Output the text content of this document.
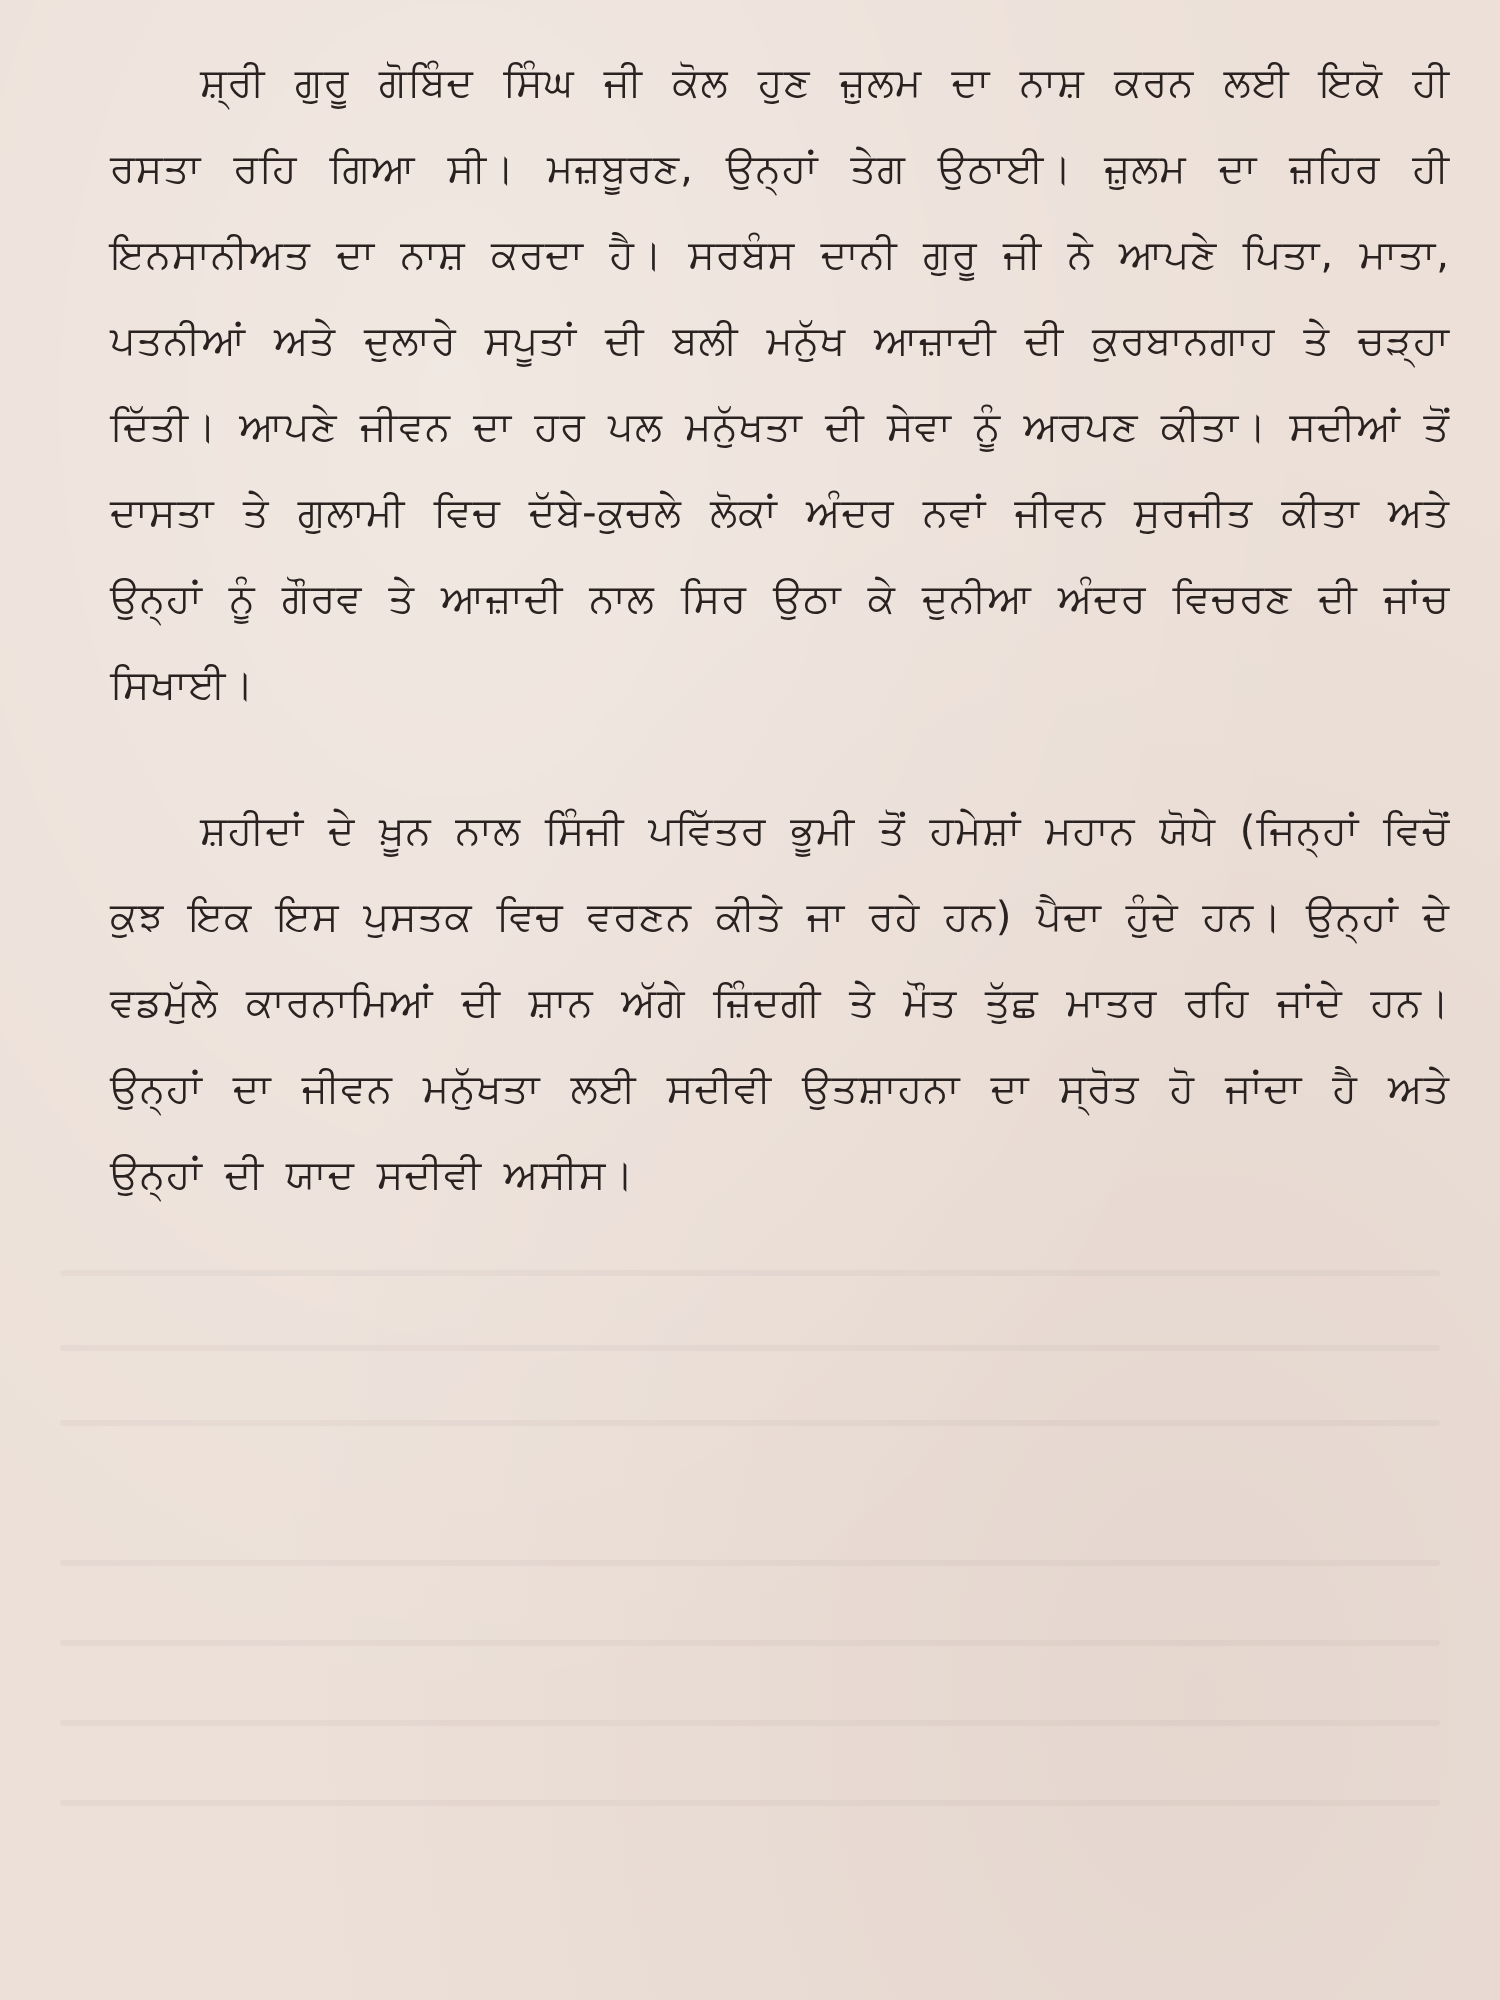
ਸ਼੍ਰੀ ਗੁਰੂ ਗੋਬਿੰਦ ਸਿੰਘ ਜੀ ਕੋਲ ਹੁਣ ਜ਼ੁਲਮ ਦਾ ਨਾਸ਼ ਕਰਨ ਲਈ ਇਕੋ ਹੀ ਰਸਤਾ ਰਹਿ ਗਿਆ ਸੀ। ਮਜ਼ਬੂਰਣ, ਉਨ੍ਹਾਂ ਤੇਗ ਉਠਾਈ। ਜ਼ੁਲਮ ਦਾ ਜ਼ਹਿਰ ਹੀ ਇਨਸਾਨੀਅਤ ਦਾ ਨਾਸ਼ ਕਰਦਾ ਹੈ। ਸਰਬੰਸ ਦਾਨੀ ਗੁਰੂ ਜੀ ਨੇ ਆਪਣੇ ਪਿਤਾ, ਮਾਤਾ, ਪਤਨੀਆਂ ਅਤੇ ਦੁਲਾਰੇ ਸਪੂਤਾਂ ਦੀ ਬਲੀ ਮਨੁੱਖ ਆਜ਼ਾਦੀ ਦੀ ਕੁਰਬਾਨਗਾਹ ਤੇ ਚੜ੍ਹਾ ਦਿੱਤੀ। ਆਪਣੇ ਜੀਵਨ ਦਾ ਹਰ ਪਲ ਮਨੁੱਖਤਾ ਦੀ ਸੇਵਾ ਨੂੰ ਅਰਪਣ ਕੀਤਾ। ਸਦੀਆਂ ਤੋਂ ਦਾਸਤਾ ਤੇ ਗੁਲਾਮੀ ਵਿਚ ਦੱਬੇ-ਕੁਚਲੇ ਲੋਕਾਂ ਅੰਦਰ ਨਵਾਂ ਜੀਵਨ ਸੁਰਜੀਤ ਕੀਤਾ ਅਤੇ ਉਨ੍ਹਾਂ ਨੂੰ ਗੌਰਵ ਤੇ ਆਜ਼ਾਦੀ ਨਾਲ ਸਿਰ ਉਠਾ ਕੇ ਦੁਨੀਆ ਅੰਦਰ ਵਿਚਰਣ ਦੀ ਜਾਂਚ ਸਿਖਾਈ।

ਸ਼ਹੀਦਾਂ ਦੇ ਖ਼ੂਨ ਨਾਲ ਸਿੰਜੀ ਪਵਿੱਤਰ ਭੂਮੀ ਤੋਂ ਹਮੇਸ਼ਾਂ ਮਹਾਨ ਯੋਧੇ (ਜਿਨ੍ਹਾਂ ਵਿਚੋਂ ਕੁਝ ਇਕ ਇਸ ਪੁਸਤਕ ਵਿਚ ਵਰਣਨ ਕੀਤੇ ਜਾ ਰਹੇ ਹਨ) ਪੈਦਾ ਹੁੰਦੇ ਹਨ। ਉਨ੍ਹਾਂ ਦੇ ਵਡਮੁੱਲੇ ਕਾਰਨਾਮਿਆਂ ਦੀ ਸ਼ਾਨ ਅੱਗੇ ਜ਼ਿੰਦਗੀ ਤੇ ਮੌਤ ਤੁੱਛ ਮਾਤਰ ਰਹਿ ਜਾਂਦੇ ਹਨ। ਉਨ੍ਹਾਂ ਦਾ ਜੀਵਨ ਮਨੁੱਖਤਾ ਲਈ ਸਦੀਵੀ ਉਤਸ਼ਾਹਨਾ ਦਾ ਸ੍ਰੋਤ ਹੋ ਜਾਂਦਾ ਹੈ ਅਤੇ ਉਨ੍ਹਾਂ ਦੀ ਯਾਦ ਸਦੀਵੀ ਅਸੀਸ।
